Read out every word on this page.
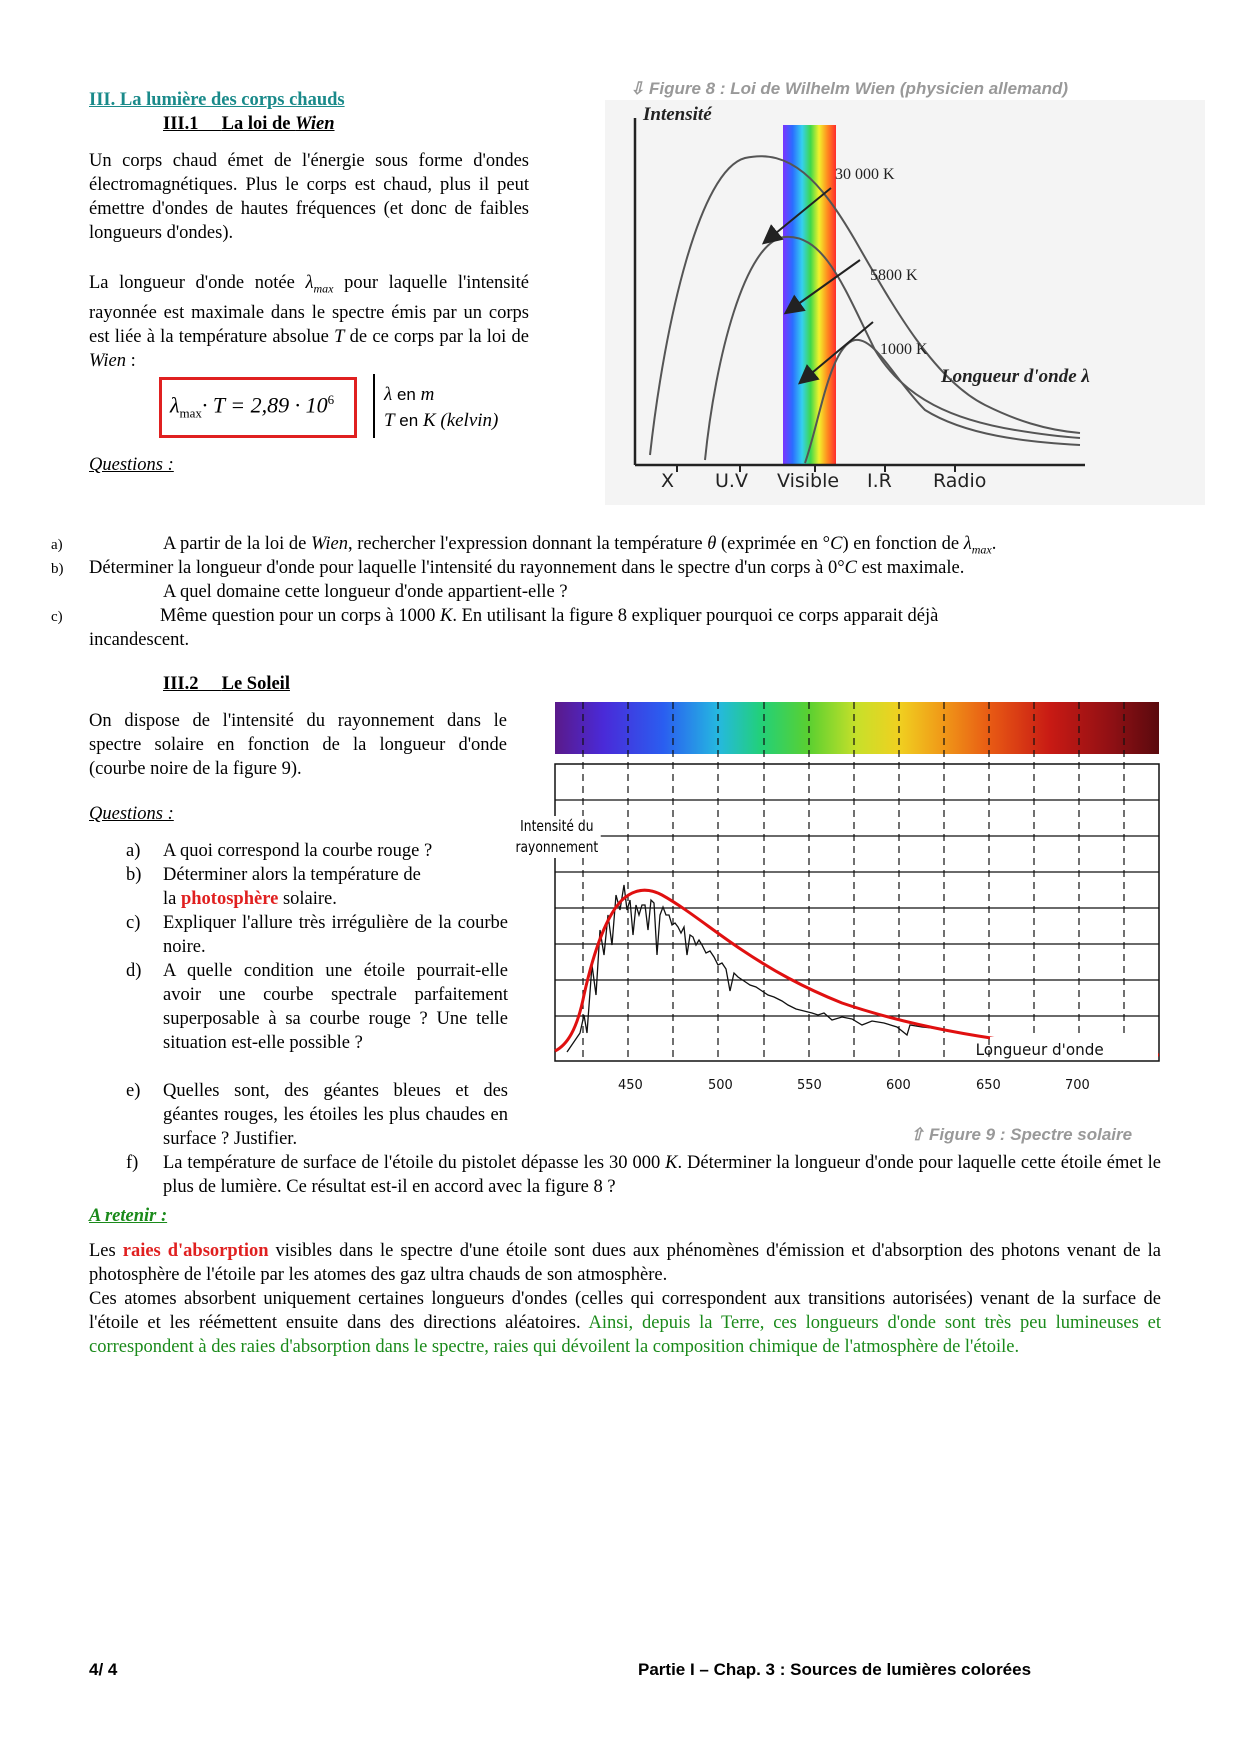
III. La lumière des corps chauds
III.1 La loi de Wien
Un corps chaud émet de l'énergie sous forme d'ondes électromagnétiques. Plus le corps est chaud, plus il peut émettre d'ondes de hautes fréquences (et donc de faibles longueurs d'ondes).
La longueur d'onde notée $\lambda_{max}$ pour laquelle l'intensité rayonnée est maximale dans le spectre émis par un corps est liée à la température absolue T de ce corps par la loi de Wien :
$\lambda_{max}\cdot T = 2,89 \cdot 10^6$	λ en m
T en K (kelvin)
Questions :
⇩ Figure 8 : Loi de Wilhelm Wien (physicien allemand)
Intensité
Longueur d'onde λ
30 000 K
5800 K
1000 K
X U.V Visible I.R Radio
a)	A partir de la loi de Wien, rechercher l'expression donnant la température θ (exprimée en °C) en fonction de $\lambda_{max}$.
b) Déterminer la longueur d'onde pour laquelle l'intensité du rayonnement dans le spectre d'un corps à 0°C est maximale.
A quel domaine cette longueur d'onde appartient-elle ?
c)	Même question pour un corps à 1000 K. En utilisant la figure 8 expliquer pourquoi ce corps apparait déjà
incandescent.
III.2 Le Soleil
On dispose de l'intensité du rayonnement dans le spectre solaire en fonction de la longueur d'onde (courbe noire de la figure 9).
Questions :
a) A quoi correspond la courbe rouge ?
b) Déterminer alors la température de
la photosphère solaire.
c) Expliquer l'allure très irrégulière de la courbe noire.
d) A quelle condition une étoile pourrait-elle avoir une courbe spectrale parfaitement superposable à sa courbe rouge ? Une telle situation est-elle possible ?
e) Quelles sont, des géantes bleues et des géantes rouges, les étoiles les plus chaudes en surface ? Justifier.
f) La température de surface de l'étoile du pistolet dépasse les 30 000 K. Déterminer la longueur d'onde pour laquelle cette étoile émet le plus de lumière. Ce résultat est-il en accord avec la figure 8 ?
Longueur d'onde
450	500	550	600	650	700
Intensité du
rayonnement
⇧ Figure 9 : Spectre solaire
A retenir :
Les raies d'absorption visibles dans le spectre d'une étoile sont dues aux phénomènes d'émission et d'absorption des photons venant de la photosphère de l'étoile par les atomes des gaz ultra chauds de son atmosphère.
Ces atomes absorbent uniquement certaines longueurs d'ondes (celles qui correspondent aux transitions autorisées) venant de la surface de l'étoile et les réémettent ensuite dans des directions aléatoires. Ainsi, depuis la Terre, ces longueurs d'onde sont très peu lumineuses et correspondent à des raies d'absorption dans le spectre, raies qui dévoilent la composition chimique de l'atmosphère de l'étoile.
4/ 4	Partie I – Chap. 3 : Sources de lumières colorées
